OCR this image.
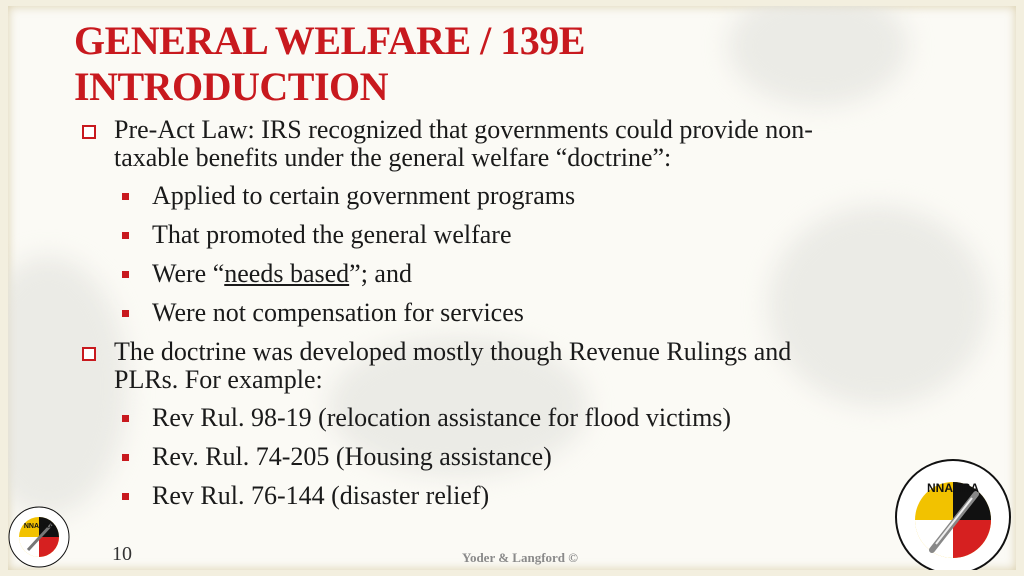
GENERAL WELFARE / 139E
INTRODUCTION
Pre-Act Law: IRS recognized that governments could provide non-
taxable benefits under the general welfare “doctrine”:
Applied to certain government programs
That promoted the general welfare
Were “needs based”; and
Were not compensation for services
The doctrine was developed mostly though Revenue Rulings and
PLRs. For example:
Rev Rul. 98-19 (relocation assistance for flood victims)
Rev. Rul. 74-205 (Housing assistance)
Rev Rul. 76-144 (disaster relief)
NNAHRA
10	Yoder & Langford ©
NNAHRA
